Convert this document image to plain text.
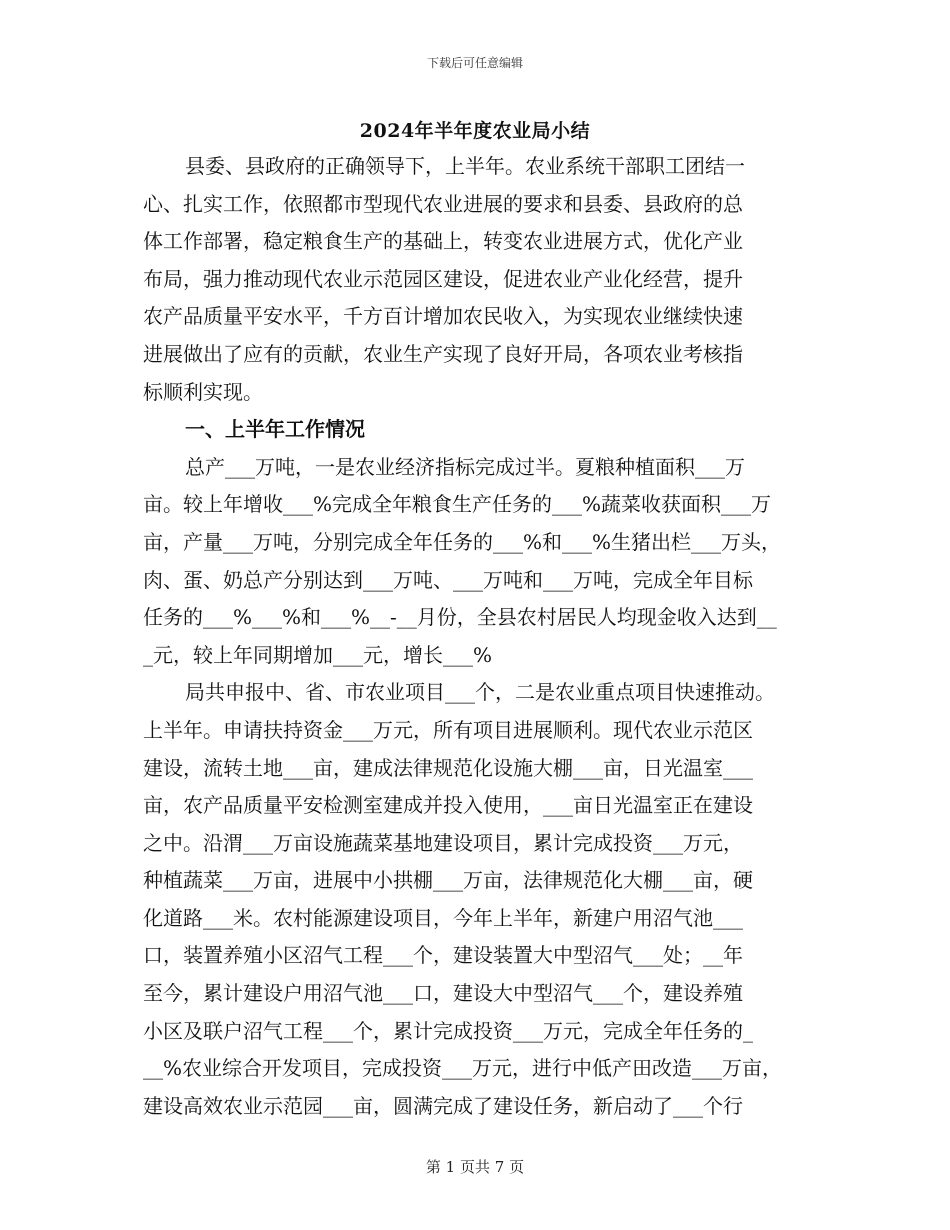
下载后可任意编辑
2024年半年度农业局小结
县委、县政府的正确领导下，上半年。农业系统干部职工团结一
心、扎实工作，依照都市型现代农业进展的要求和县委、县政府的总
体工作部署，稳定粮食生产的基础上，转变农业进展方式，优化产业
布局，强力推动现代农业示范园区建设，促进农业产业化经营，提升
农产品质量平安水平，千方百计增加农民收入，为实现农业继续快速
进展做出了应有的贡献，农业生产实现了良好开局，各项农业考核指
标顺利实现。
一、上半年工作情况
总产___万吨，一是农业经济指标完成过半。夏粮种植面积___万
亩。较上年增收___%完成全年粮食生产任务的___%蔬菜收获面积___万
亩，产量___万吨，分别完成全年任务的___%和___%生猪出栏___万头，
肉、蛋、奶总产分别达到___万吨、___万吨和___万吨，完成全年目标
任务的___%___%和___%__-__月份，全县农村居民人均现金收入达到__
_元，较上年同期增加___元，增长___%
局共申报中、省、市农业项目___个，二是农业重点项目快速推动。
上半年。申请扶持资金___万元，所有项目进展顺利。现代农业示范区
建设，流转土地___亩，建成法律规范化设施大棚___亩，日光温室___
亩，农产品质量平安检测室建成并投入使用，___亩日光温室正在建设
之中。沿渭___万亩设施蔬菜基地建设项目，累计完成投资___万元，
种植蔬菜___万亩，进展中小拱棚___万亩，法律规范化大棚___亩，硬
化道路___米。农村能源建设项目，今年上半年，新建户用沼气池___
口，装置养殖小区沼气工程___个，建设装置大中型沼气___处；__年
至今，累计建设户用沼气池___口，建设大中型沼气___个，建设养殖
小区及联户沼气工程___个，累计完成投资___万元，完成全年任务的_
__%农业综合开发项目，完成投资___万元，进行中低产田改造___万亩，
建设高效农业示范园___亩，圆满完成了建设任务，新启动了___个行
第 1 页共 7 页
